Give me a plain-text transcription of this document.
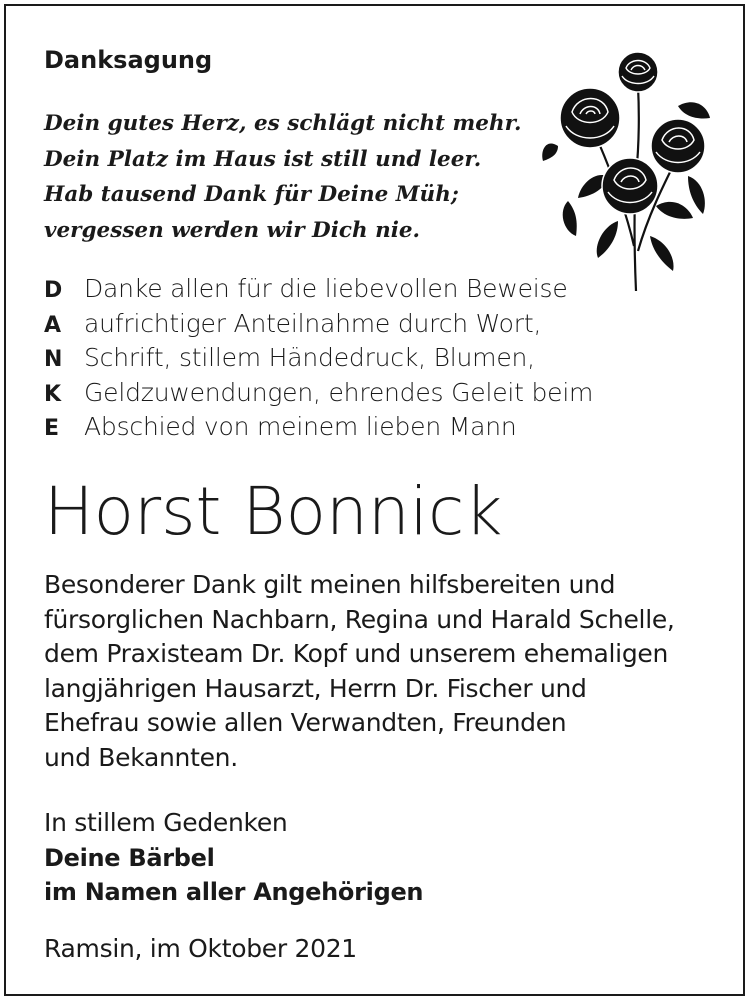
Danksagung
Dein gutes Herz, es schlägt nicht mehr.
Dein Platz im Haus ist still und leer.
Hab tausend Dank für Deine Müh;
vergessen werden wir Dich nie.
D Danke allen für die liebevollen Beweise
A aufrichtiger Anteilnahme durch Wort,
N Schrift, stillem Händedruck, Blumen,
K Geldzuwendungen, ehrendes Geleit beim
E Abschied von meinem lieben Mann
Horst Bonnick
Besonderer Dank gilt meinen hilfsbereiten und
fürsorglichen Nachbarn, Regina und Harald Schelle,
dem Praxisteam Dr. Kopf und unserem ehemaligen
langjährigen Hausarzt, Herrn Dr. Fischer und
Ehefrau sowie allen Verwandten, Freunden
und Bekannten.
In stillem Gedenken
Deine Bärbel
im Namen aller Angehörigen
Ramsin, im Oktober 2021
